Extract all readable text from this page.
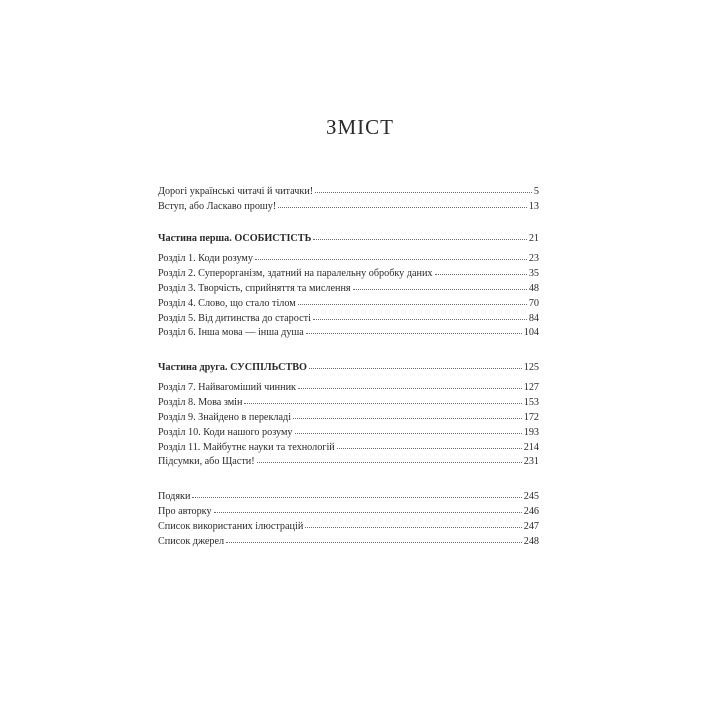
ЗМІСТ
Дорогі українські читачі й читачки!	5
Вступ, або Ласкаво прошу!	13
Частина перша. ОСОБИСТІСТЬ	21
Розділ 1. Коди розуму	23
Розділ 2. Суперорганізм, здатний на паралельну обробку даних	35
Розділ 3. Творчість, сприйняття та мислення	48
Розділ 4. Слово, що стало тілом	70
Розділ 5. Від дитинства до старості	84
Розділ 6. Інша мова — інша душа	104
Частина друга. СУСПІЛЬСТВО	125
Розділ 7. Найвагоміший чинник	127
Розділ 8. Мова змін	153
Розділ 9. Знайдено в перекладі	172
Розділ 10. Коди нашого розуму	193
Розділ 11. Майбутнє науки та технологій	214
Підсумки, або Щасти!	231
Подяки	245
Про авторку	246
Список використаних ілюстрацій	247
Список джерел	248
